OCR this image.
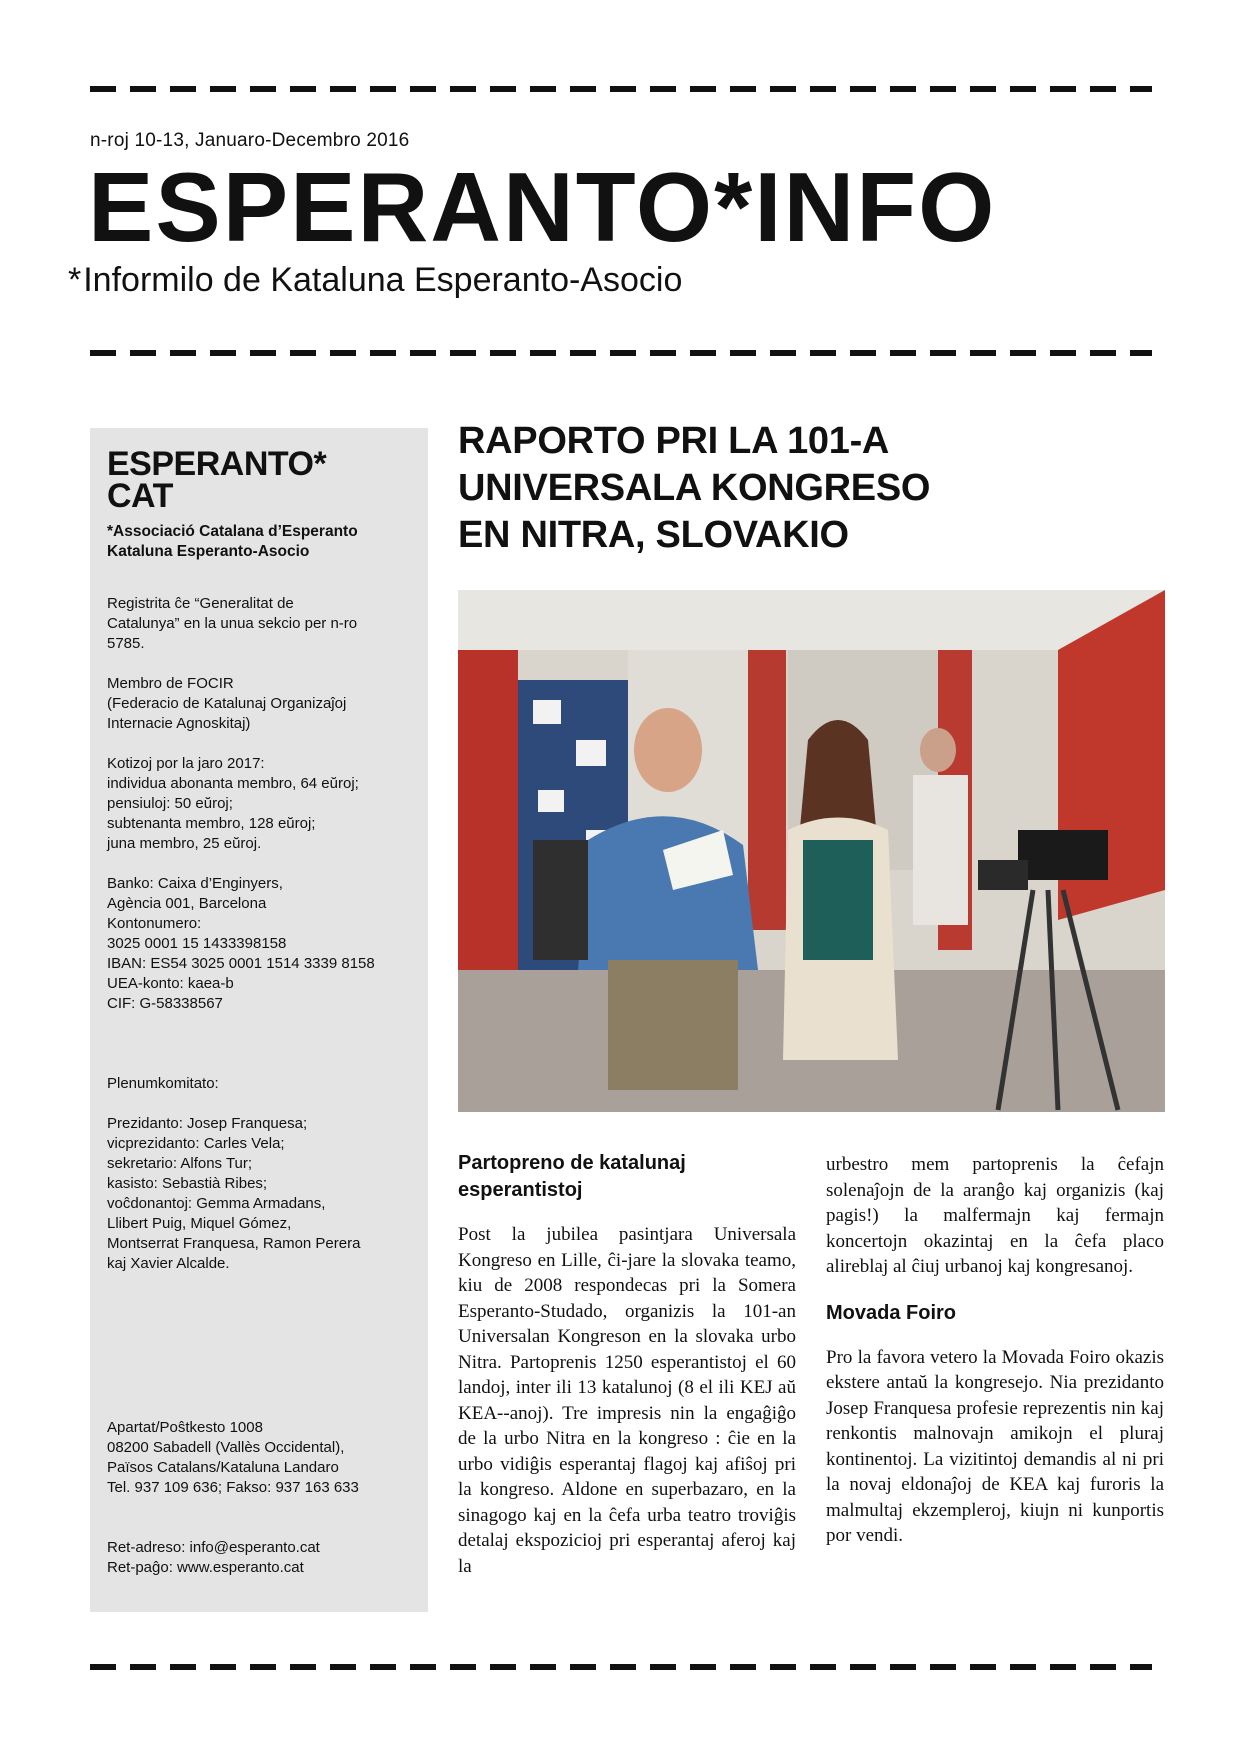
n-roj 10-13, Januaro-Decembro 2016
ESPERANTO*INFO
*Informilo de Kataluna Esperanto-Asocio
ESPERANTO*
CAT
*Associació Catalana d’Esperanto
Kataluna Esperanto-Asocio
Registrita ĉe “Generalitat de
Catalunya” en la unua sekcio per n-ro
5785.
Membro de FOCIR
(Federacio de Katalunaj Organizaĵoj
Internacie Agnoskitaj)
Kotizoj por la jaro 2017:
individua abonanta membro, 64 eŭroj;
pensiuloj: 50 eŭroj;
subtenanta membro, 128 eŭroj;
juna membro, 25 eŭroj.
Banko: Caixa d’Enginyers,
Agència 001, Barcelona
Kontonumero:
3025 0001 15 1433398158
IBAN: ES54 3025 0001 1514 3339 8158
UEA-konto: kaea-b
CIF: G-58338567
Plenumkomitato:
Prezidanto: Josep Franquesa;
vicprezidanto: Carles Vela;
sekretario: Alfons Tur;
kasisto: Sebastià Ribes;
voĉdonantoj: Gemma Armadans,
Llibert Puig, Miquel Gómez,
Montserrat Franquesa, Ramon Perera
kaj Xavier Alcalde.
Apartat/Poŝtkesto 1008
08200 Sabadell (Vallès Occidental),
Països Catalans/Kataluna Landaro
Tel. 937 109 636; Fakso: 937 163 633
Ret-adreso: info@esperanto.cat
Ret-paĝo: www.esperanto.cat
RAPORTO PRI LA 101-A
UNIVERSALA KONGRESO
EN NITRA, SLOVAKIO
Partopreno de katalunaj esperantistoj
Post la jubilea pasintjara Universala Kongreso en Lille, ĉi-jare la slovaka teamo, kiu de 2008 respondecas pri la Somera Esperanto-Studado, organizis la 101-an Universalan Kongreson en la slovaka urbo Nitra. Partoprenis 1250 esperantistoj el 60 landoj, inter ili 13 katalunoj (8 el ili KEJ aŭ KEA--anoj). Tre impresis nin la engaĝiĝo de la urbo Nitra en la kongreso : ĉie en la urbo vidiĝis esperantaj flagoj kaj afiŝoj pri la kongreso. Aldone en superbazaro, en la sinagogo kaj en la ĉefa urba teatro troviĝis detalaj ekspozicioj pri esperantaj aferoj kaj la
urbestro mem partoprenis la ĉefajn solenaĵojn de la aranĝo kaj organizis (kaj pagis!) la malfermajn kaj fermajn koncertojn okazintaj en la ĉefa placo alireblaj al ĉiuj urbanoj kaj kongresanoj.
Movada Foiro
Pro la favora vetero la Movada Foiro okazis ekstere antaŭ la kongresejo. Nia prezidanto Josep Franquesa profesie reprezentis nin kaj renkontis malnovajn amikojn el pluraj kontinentoj. La vizitintoj demandis al ni pri la novaj eldonaĵoj de KEA kaj furoris la malmultaj ekzempleroj, kiujn ni kunportis por vendi.
